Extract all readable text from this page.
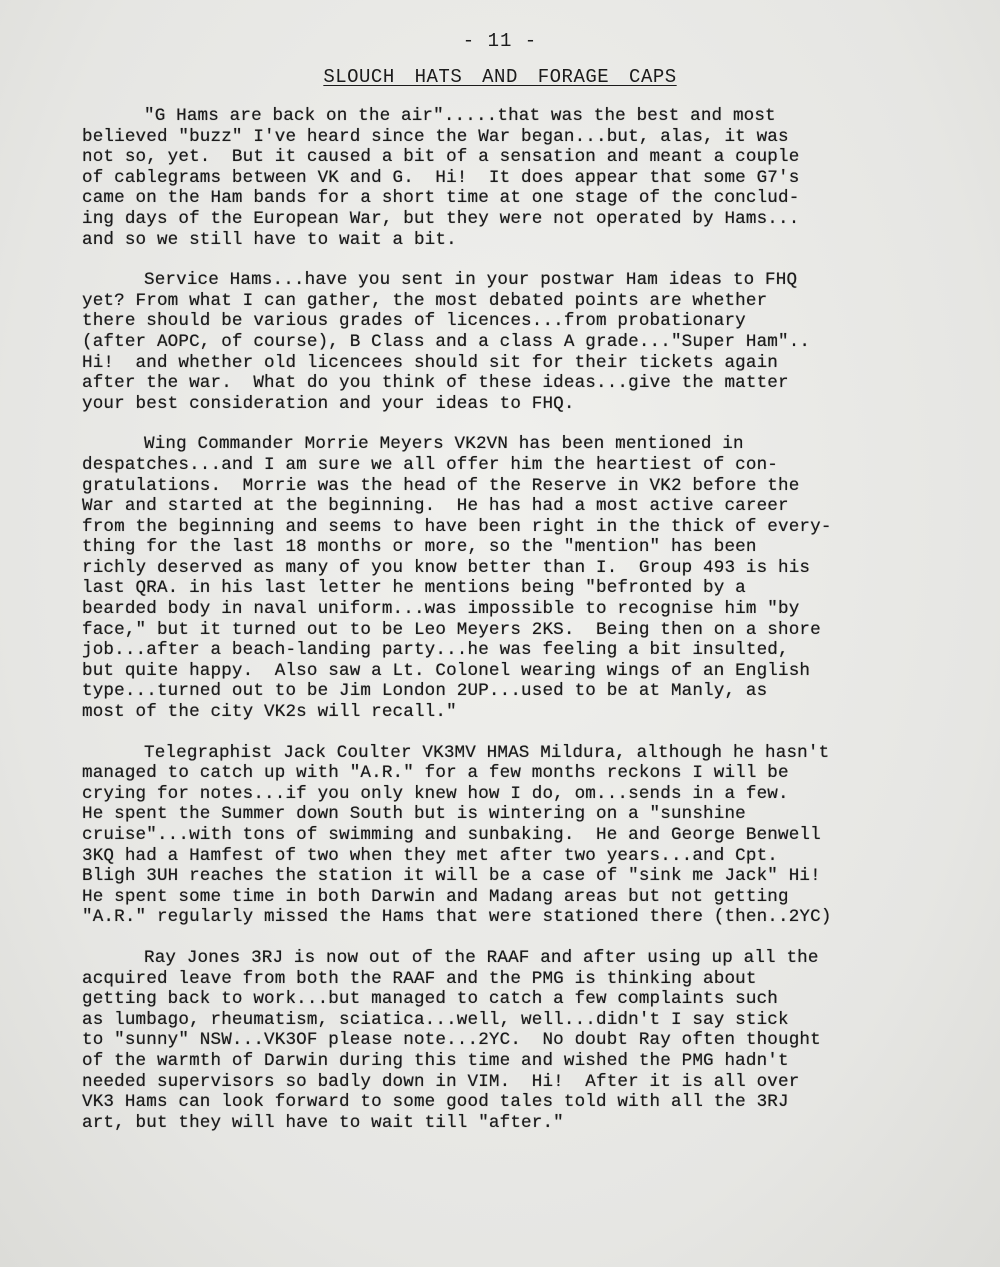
- 11 -
SLOUCH HATS AND FORAGE CAPS
"G Hams are back on the air".....that was the best and most
believed "buzz" I've heard since the War began...but, alas, it was
not so, yet.  But it caused a bit of a sensation and meant a couple
of cablegrams between VK and G.  Hi!  It does appear that some G7's
came on the Ham bands for a short time at one stage of the conclud-
ing days of the European War, but they were not operated by Hams...
and so we still have to wait a bit.
Service Hams...have you sent in your postwar Ham ideas to FHQ
yet? From what I can gather, the most debated points are whether
there should be various grades of licences...from probationary
(after AOPC, of course), B Class and a class A grade..."Super Ham"..
Hi!  and whether old licencees should sit for their tickets again
after the war.  What do you think of these ideas...give the matter
your best consideration and your ideas to FHQ.
Wing Commander Morrie Meyers VK2VN has been mentioned in
despatches...and I am sure we all offer him the heartiest of con-
gratulations.  Morrie was the head of the Reserve in VK2 before the
War and started at the beginning.  He has had a most active career
from the beginning and seems to have been right in the thick of every-
thing for the last 18 months or more, so the "mention" has been
richly deserved as many of you know better than I.  Group 493 is his
last QRA. in his last letter he mentions being "befronted by a
bearded body in naval uniform...was impossible to recognise him "by
face," but it turned out to be Leo Meyers 2KS.  Being then on a shore
job...after a beach-landing party...he was feeling a bit insulted,
but quite happy.  Also saw a Lt. Colonel wearing wings of an English
type...turned out to be Jim London 2UP...used to be at Manly, as
most of the city VK2s will recall."
Telegraphist Jack Coulter VK3MV HMAS Mildura, although he hasn't
managed to catch up with "A.R." for a few months reckons I will be
crying for notes...if you only knew how I do, om...sends in a few.
He spent the Summer down South but is wintering on a "sunshine
cruise"...with tons of swimming and sunbaking.  He and George Benwell
3KQ had a Hamfest of two when they met after two years...and Cpt.
Bligh 3UH reaches the station it will be a case of "sink me Jack" Hi!
He spent some time in both Darwin and Madang areas but not getting
"A.R." regularly missed the Hams that were stationed there (then..2YC)
Ray Jones 3RJ is now out of the RAAF and after using up all the
acquired leave from both the RAAF and the PMG is thinking about
getting back to work...but managed to catch a few complaints such
as lumbago, rheumatism, sciatica...well, well...didn't I say stick
to "sunny" NSW...VK3OF please note...2YC.  No doubt Ray often thought
of the warmth of Darwin during this time and wished the PMG hadn't
needed supervisors so badly down in VIM.  Hi!  After it is all over
VK3 Hams can look forward to some good tales told with all the 3RJ
art, but they will have to wait till "after."
